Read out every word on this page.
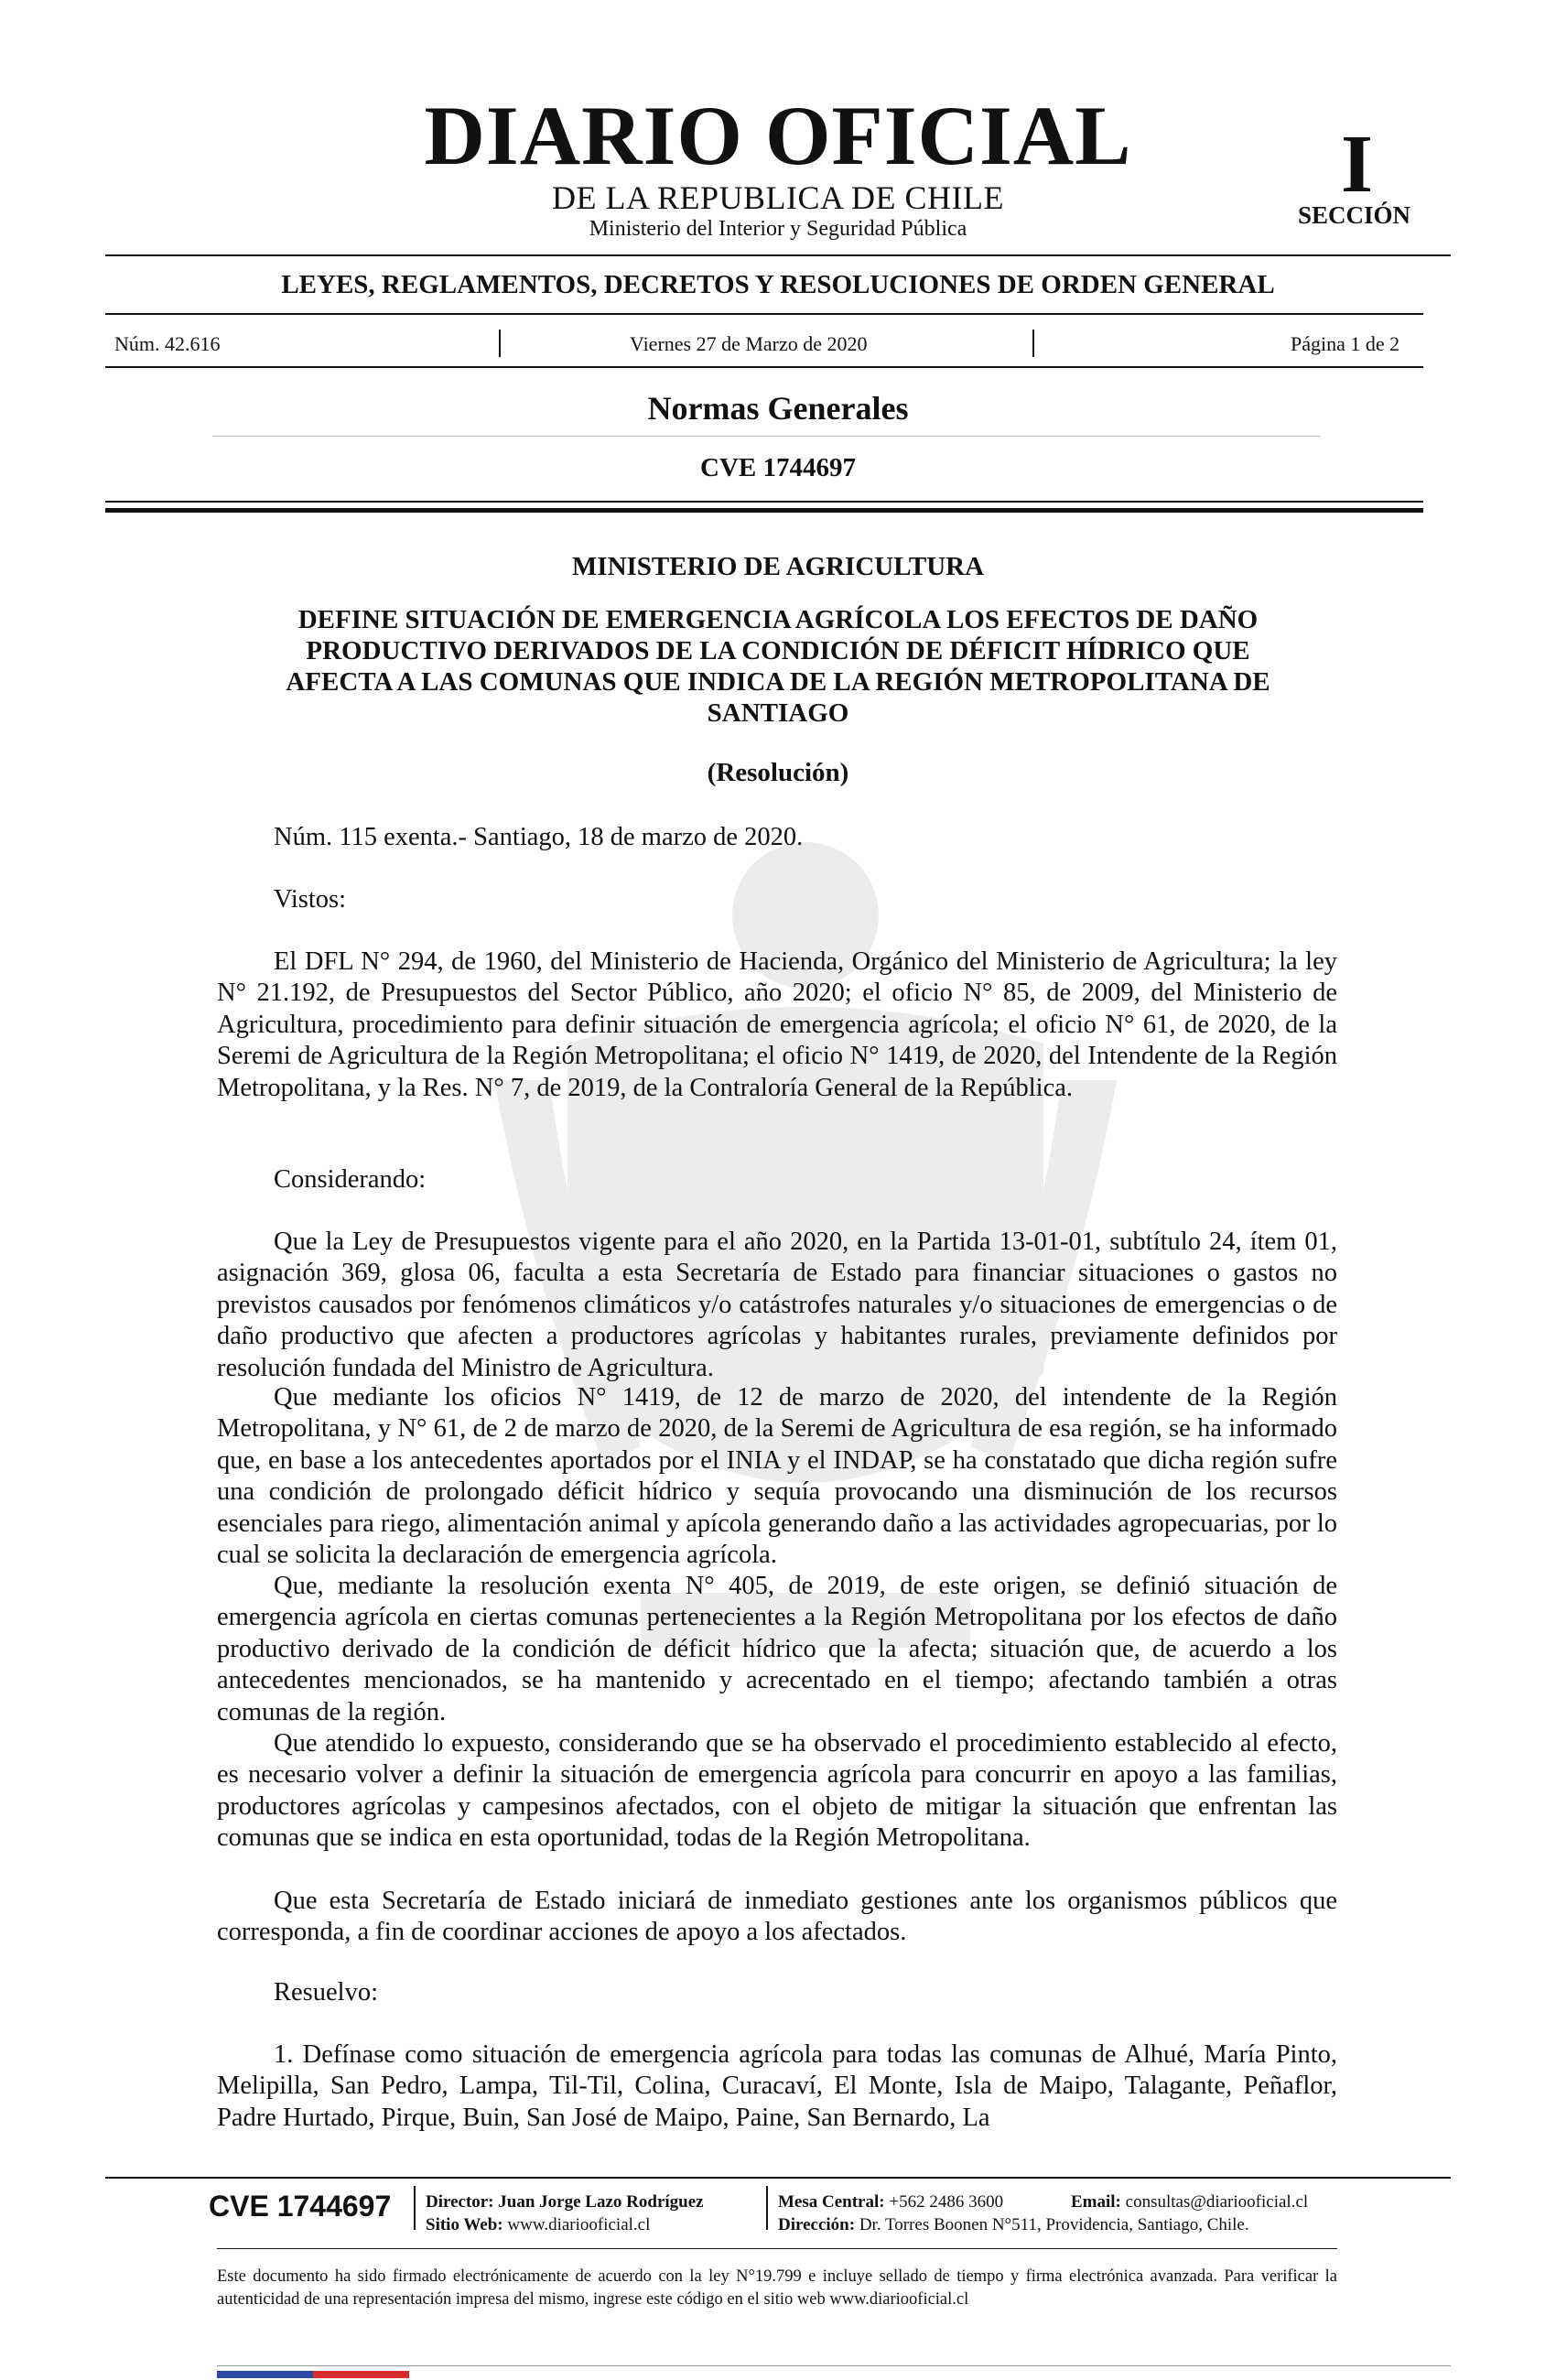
DIARIO OFICIAL
DE LA REPUBLICA DE CHILE
Ministerio del Interior y Seguridad Pública
I
SECCIÓN
LEYES, REGLAMENTOS, DECRETOS Y RESOLUCIONES DE ORDEN GENERAL
Núm. 42.616	Viernes 27 de Marzo de 2020	Página 1 de 2
Normas Generales
CVE 1744697
MINISTERIO DE AGRICULTURA
DEFINE SITUACIÓN DE EMERGENCIA AGRÍCOLA LOS EFECTOS DE DAÑO
PRODUCTIVO DERIVADOS DE LA CONDICIÓN DE DÉFICIT HÍDRICO QUE
AFECTA A LAS COMUNAS QUE INDICA DE LA REGIÓN METROPOLITANA DE
SANTIAGO
(Resolución)

Núm. 115 exenta.- Santiago, 18 de marzo de 2020.

Vistos:

El DFL N° 294, de 1960, del Ministerio de Hacienda, Orgánico del Ministerio de Agricultura; la ley N° 21.192, de Presupuestos del Sector Público, año 2020; el oficio N° 85, de 2009, del Ministerio de Agricultura, procedimiento para definir situación de emergencia agrícola; el oficio N° 61, de 2020, de la Seremi de Agricultura de la Región Metropolitana; el oficio N° 1419, de 2020, del Intendente de la Región Metropolitana, y la Res. N° 7, de 2019, de la Contraloría General de la República.

Considerando:

Que la Ley de Presupuestos vigente para el año 2020, en la Partida 13-01-01, subtítulo 24, ítem 01, asignación 369, glosa 06, faculta a esta Secretaría de Estado para financiar situaciones o gastos no previstos causados por fenómenos climáticos y/o catástrofes naturales y/o situaciones de emergencias o de daño productivo que afecten a productores agrícolas y habitantes rurales, previamente definidos por resolución fundada del Ministro de Agricultura.

Que mediante los oficios N° 1419, de 12 de marzo de 2020, del intendente de la Región Metropolitana, y N° 61, de 2 de marzo de 2020, de la Seremi de Agricultura de esa región, se ha informado que, en base a los antecedentes aportados por el INIA y el INDAP, se ha constatado que dicha región sufre una condición de prolongado déficit hídrico y sequía provocando una disminución de los recursos esenciales para riego, alimentación animal y apícola generando daño a las actividades agropecuarias, por lo cual se solicita la declaración de emergencia agrícola.

Que, mediante la resolución exenta N° 405, de 2019, de este origen, se definió situación de emergencia agrícola en ciertas comunas pertenecientes a la Región Metropolitana por los efectos de daño productivo derivado de la condición de déficit hídrico que la afecta; situación que, de acuerdo a los antecedentes mencionados, se ha mantenido y acrecentado en el tiempo; afectando también a otras comunas de la región.

Que atendido lo expuesto, considerando que se ha observado el procedimiento establecido al efecto, es necesario volver a definir la situación de emergencia agrícola para concurrir en apoyo a las familias, productores agrícolas y campesinos afectados, con el objeto de mitigar la situación que enfrentan las comunas que se indica en esta oportunidad, todas de la Región Metropolitana.

Que esta Secretaría de Estado iniciará de inmediato gestiones ante los organismos públicos que corresponda, a fin de coordinar acciones de apoyo a los afectados.

Resuelvo:

1. Defínase como situación de emergencia agrícola para todas las comunas de Alhué, María Pinto, Melipilla, San Pedro, Lampa, Til-Til, Colina, Curacaví, El Monte, Isla de Maipo, Talagante, Peñaflor, Padre Hurtado, Pirque, Buin, San José de Maipo, Paine, San Bernardo, La

CVE 1744697 Director: Juan Jorge Lazo Rodríguez
Sitio Web: www.diariooficial.cl
Mesa Central: +562 2486 3600	Email: consultas@diariooficial.cl
Dirección: Dr. Torres Boonen N°511, Providencia, Santiago, Chile.
Este documento ha sido firmado electrónicamente de acuerdo con la ley N°19.799 e incluye sellado de tiempo y firma electrónica avanzada. Para verificar la autenticidad de una representación impresa del mismo, ingrese este código en el sitio web www.diariooficial.cl
